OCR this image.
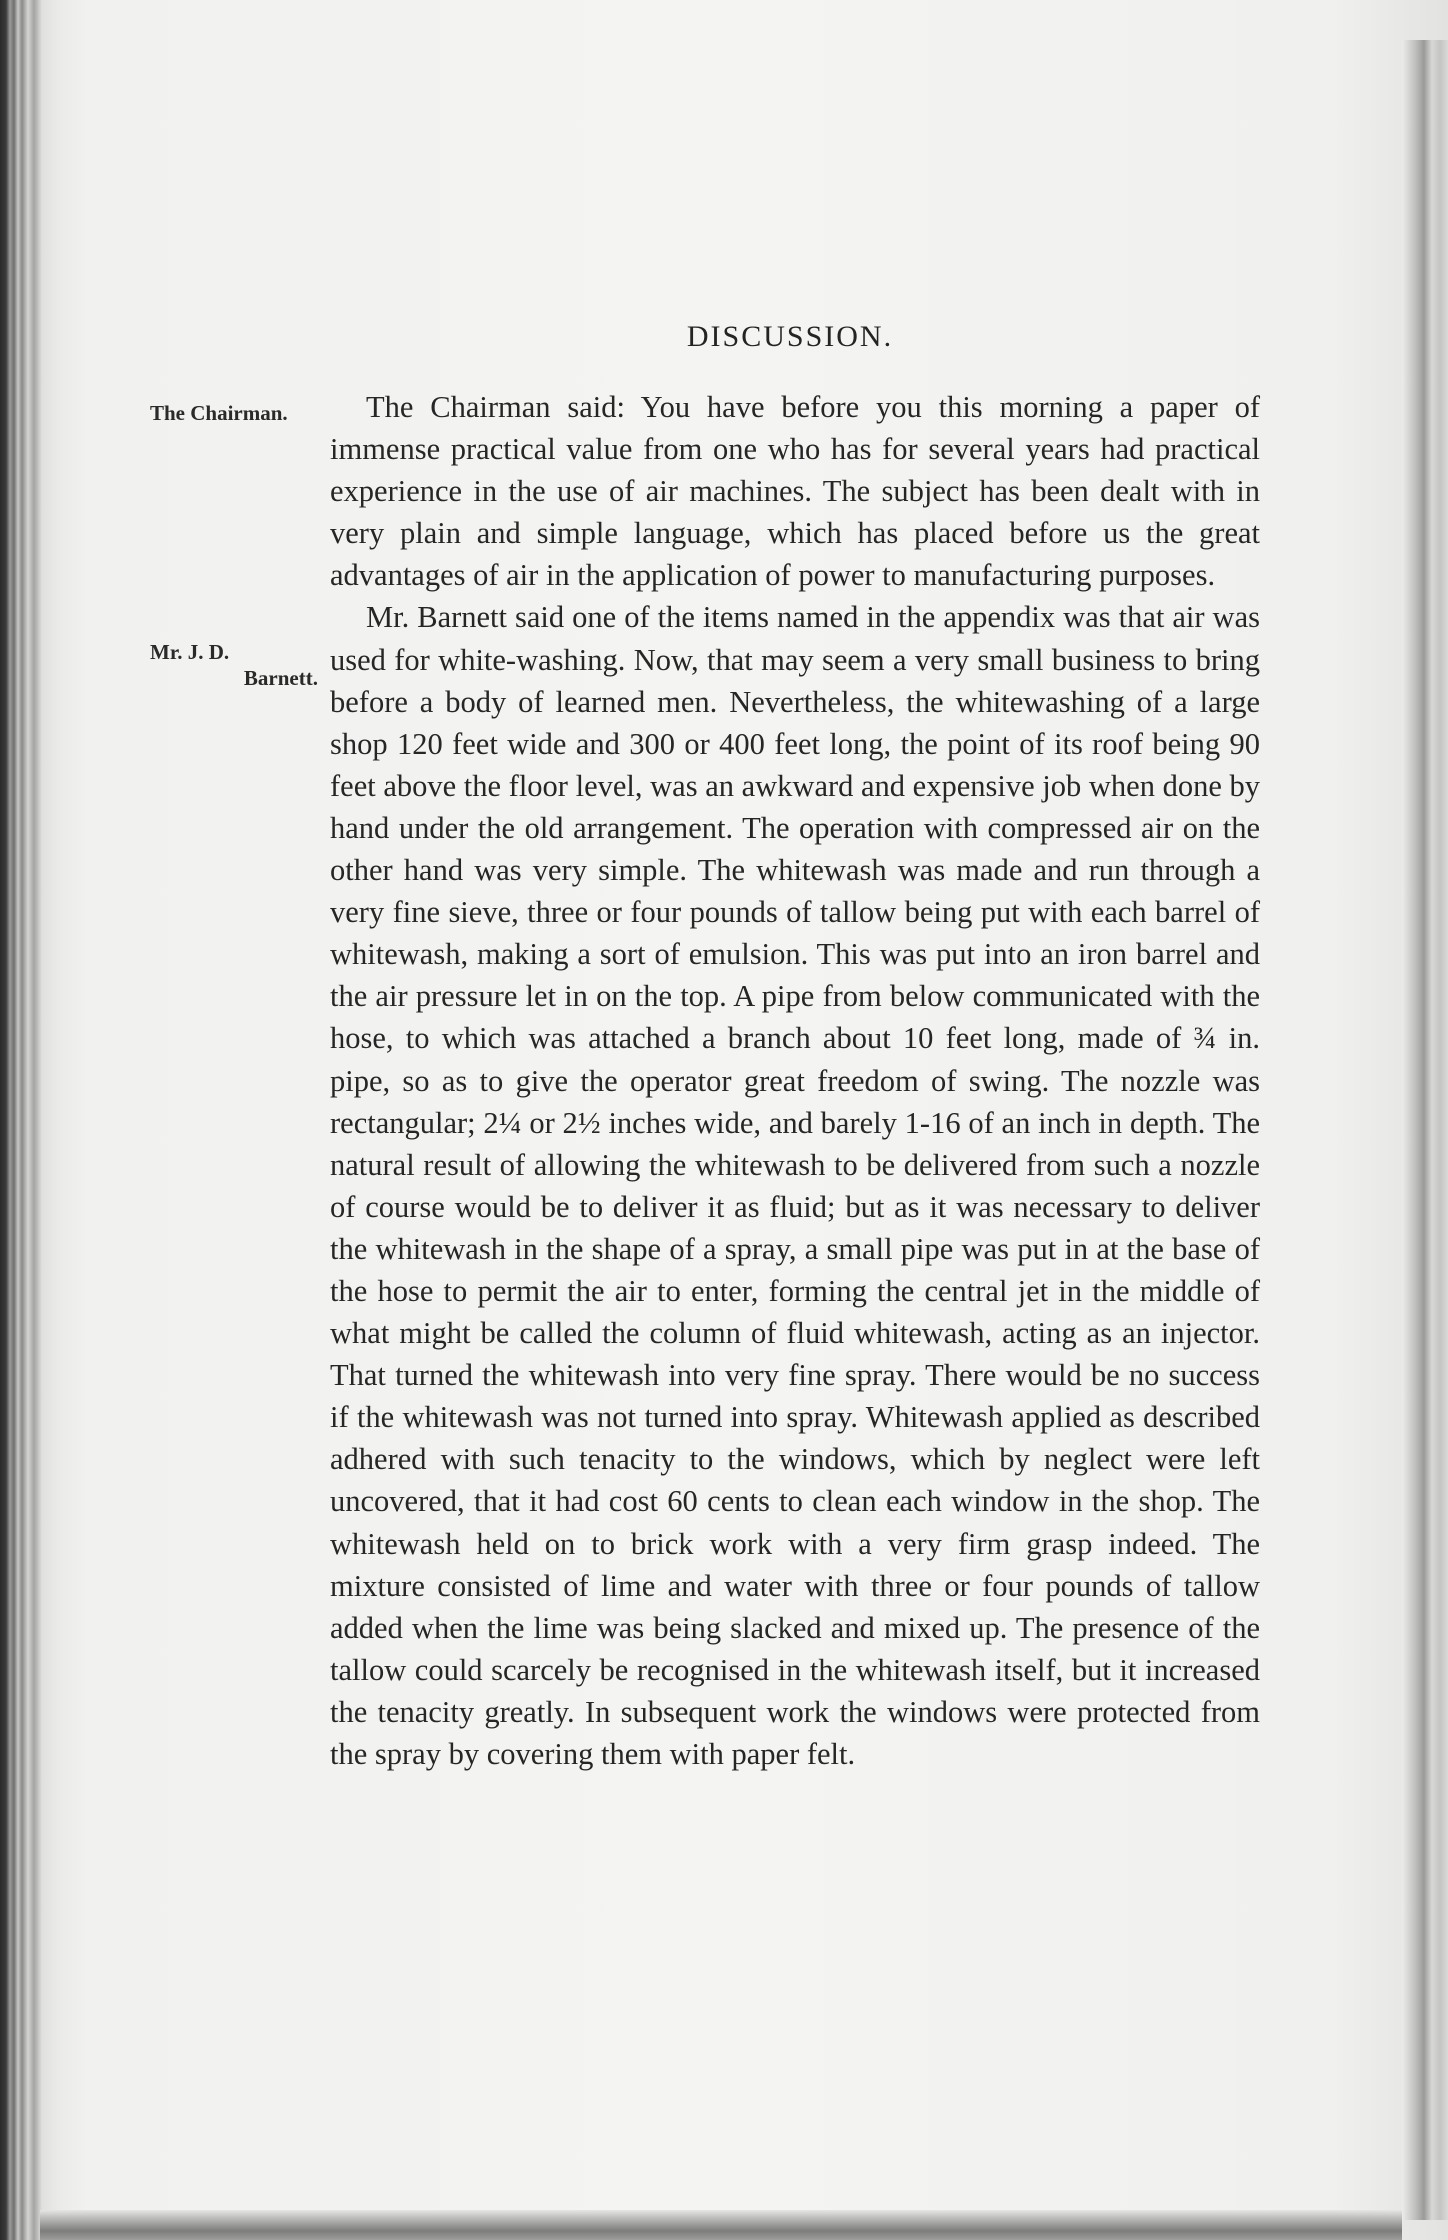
DISCUSSION.
The Chairman.
Mr. J. D.
Barnett.

The Chairman said: You have before you this morning a paper of immense practical value from one who has for several years had practical experience in the use of air machines. The subject has been dealt with in very plain and simple language, which has placed before us the great advantages of air in the application of power to manufacturing purposes.

Mr. Barnett said one of the items named in the appendix was that air was used for white-washing. Now, that may seem a very small business to bring before a body of learned men. Nevertheless, the whitewashing of a large shop 120 feet wide and 300 or 400 feet long, the point of its roof being 90 feet above the floor level, was an awkward and expensive job when done by hand under the old arrangement. The operation with compressed air on the other hand was very simple. The whitewash was made and run through a very fine sieve, three or four pounds of tallow being put with each barrel of whitewash, making a sort of emulsion. This was put into an iron barrel and the air pressure let in on the top. A pipe from below communicated with the hose, to which was attached a branch about 10 feet long, made of ¾ in. pipe, so as to give the operator great freedom of swing. The nozzle was rectangular; 2¼ or 2½ inches wide, and barely 1-16 of an inch in depth. The natural result of allowing the whitewash to be delivered from such a nozzle of course would be to deliver it as fluid; but as it was necessary to deliver the whitewash in the shape of a spray, a small pipe was put in at the base of the hose to permit the air to enter, forming the central jet in the middle of what might be called the column of fluid whitewash, acting as an injector. That turned the whitewash into very fine spray. There would be no success if the whitewash was not turned into spray. Whitewash applied as described adhered with such tenacity to the windows, which by neglect were left uncovered, that it had cost 60 cents to clean each window in the shop. The whitewash held on to brick work with a very firm grasp indeed. The mixture consisted of lime and water with three or four pounds of tallow added when the lime was being slacked and mixed up. The presence of the tallow could scarcely be recognised in the whitewash itself, but it increased the tenacity greatly. In subsequent work the windows were protected from the spray by covering them with paper felt.
